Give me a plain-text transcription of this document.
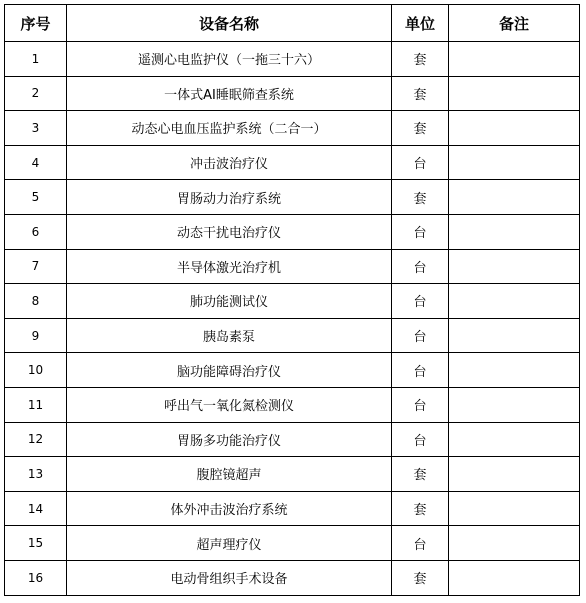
序号	设备名称	单位	备注
1	遥测心电监护仪（一拖三十六）	套	
2	一体式AI睡眠筛查系统	套	
3	动态心电血压监护系统（二合一）	套	
4	冲击波治疗仪	台	
5	胃肠动力治疗系统	套	
6	动态干扰电治疗仪	台	
7	半导体激光治疗机	台	
8	肺功能测试仪	台	
9	胰岛素泵	台	
10	脑功能障碍治疗仪	台	
11	呼出气一氧化氮检测仪	台	
12	胃肠多功能治疗仪	台	
13	腹腔镜超声	套	
14	体外冲击波治疗系统	套	
15	超声理疗仪	台	
16	电动骨组织手术设备	套	
